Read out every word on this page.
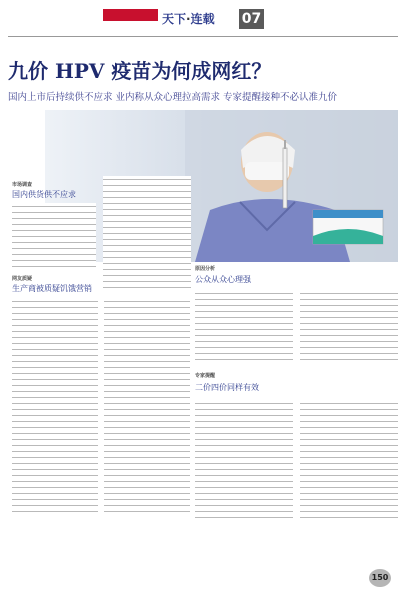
天下·连载 07
九价 HPV 疫苗为何成网红？
国内上市后持续供不应求 业内称从众心理拉高需求 专家提醒接种不必认准九价
市场调查
国内供货供不应求
网友质疑
生产商被质疑饥饿营销
原因分析
公众从众心理强
专家提醒
二价四价同样有效
150
